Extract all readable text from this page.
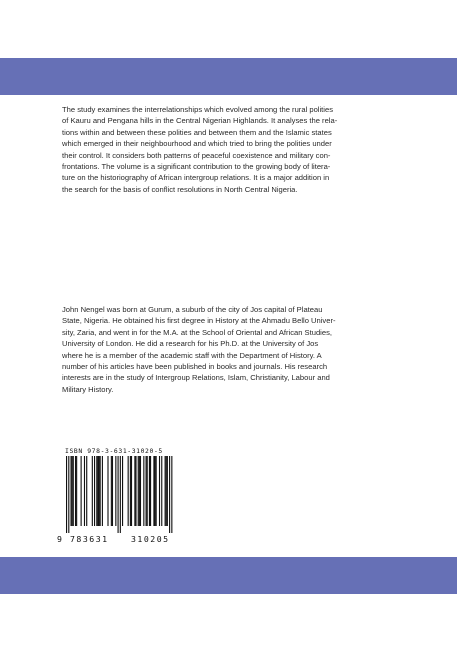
The study examines the interrelationships which evolved among the rural polities
of Kauru and Pengana hills in the Central Nigerian Highlands. It analyses the rela-
tions within and between these polities and between them and the Islamic states
which emerged in their neighbourhood and which tried to bring the polities under
their control. It considers both patterns of peaceful coexistence and military con-
frontations. The volume is a significant contribution to the growing body of litera-
ture on the historiography of African intergroup relations. It is a major addition in
the search for the basis of conflict resolutions in North Central Nigeria.

John Nengel was born at Gurum, a suburb of the city of Jos capital of Plateau
State, Nigeria. He obtained his first degree in History at the Ahmadu Bello Univer-
sity, Zaria, and went in for the M.A. at the School of Oriental and African Studies,
University of London. He did a research for his Ph.D. at the University of Jos
where he is a member of the academic staff with the Department of History. A
number of his articles have been published in books and journals. His research
interests are in the study of Intergroup Relations, Islam, Christianity, Labour and
Military History.

ISBN 978-3-631-31020-5
9 783631	310205
